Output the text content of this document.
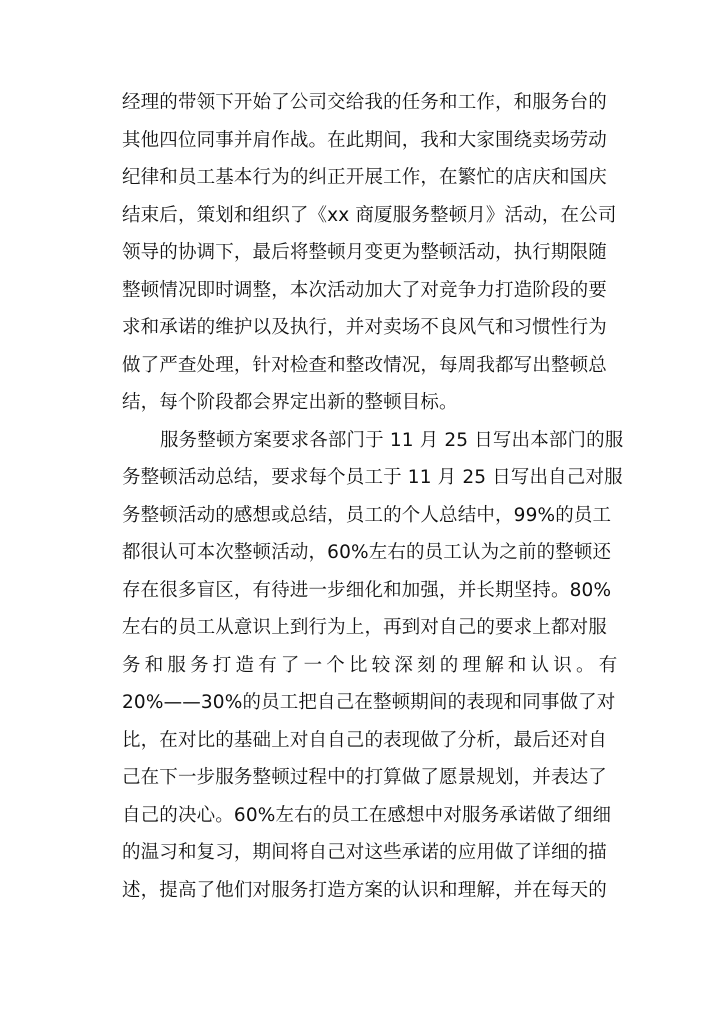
经理的带领下开始了公司交给我的任务和工作，和服务台的
其他四位同事并肩作战。在此期间，我和大家围绕卖场劳动
纪律和员工基本行为的纠正开展工作，在繁忙的店庆和国庆
结束后，策划和组织了《xx 商厦服务整顿月》活动，在公司
领导的协调下，最后将整顿月变更为整顿活动，执行期限随
整顿情况即时调整，本次活动加大了对竞争力打造阶段的要
求和承诺的维护以及执行，并对卖场不良风气和习惯性行为
做了严查处理，针对检查和整改情况，每周我都写出整顿总
结，每个阶段都会界定出新的整顿目标。
服务整顿方案要求各部门于 11 月 25 日写出本部门的服
务整顿活动总结，要求每个员工于 11 月 25 日写出自己对服
务整顿活动的感想或总结，员工的个人总结中，99%的员工
都很认可本次整顿活动，60%左右的员工认为之前的整顿还
存在很多盲区，有待进一步细化和加强，并长期坚持。80%
左右的员工从意识上到行为上，再到对自己的要求上都对服
务和服务打造有了一个比较深刻的理解和认识。有
20%——30%的员工把自己在整顿期间的表现和同事做了对
比，在对比的基础上对自自己的表现做了分析，最后还对自
己在下一步服务整顿过程中的打算做了愿景规划，并表达了
自己的决心。60%左右的员工在感想中对服务承诺做了细细
的温习和复习，期间将自己对这些承诺的应用做了详细的描
述，提高了他们对服务打造方案的认识和理解，并在每天的
